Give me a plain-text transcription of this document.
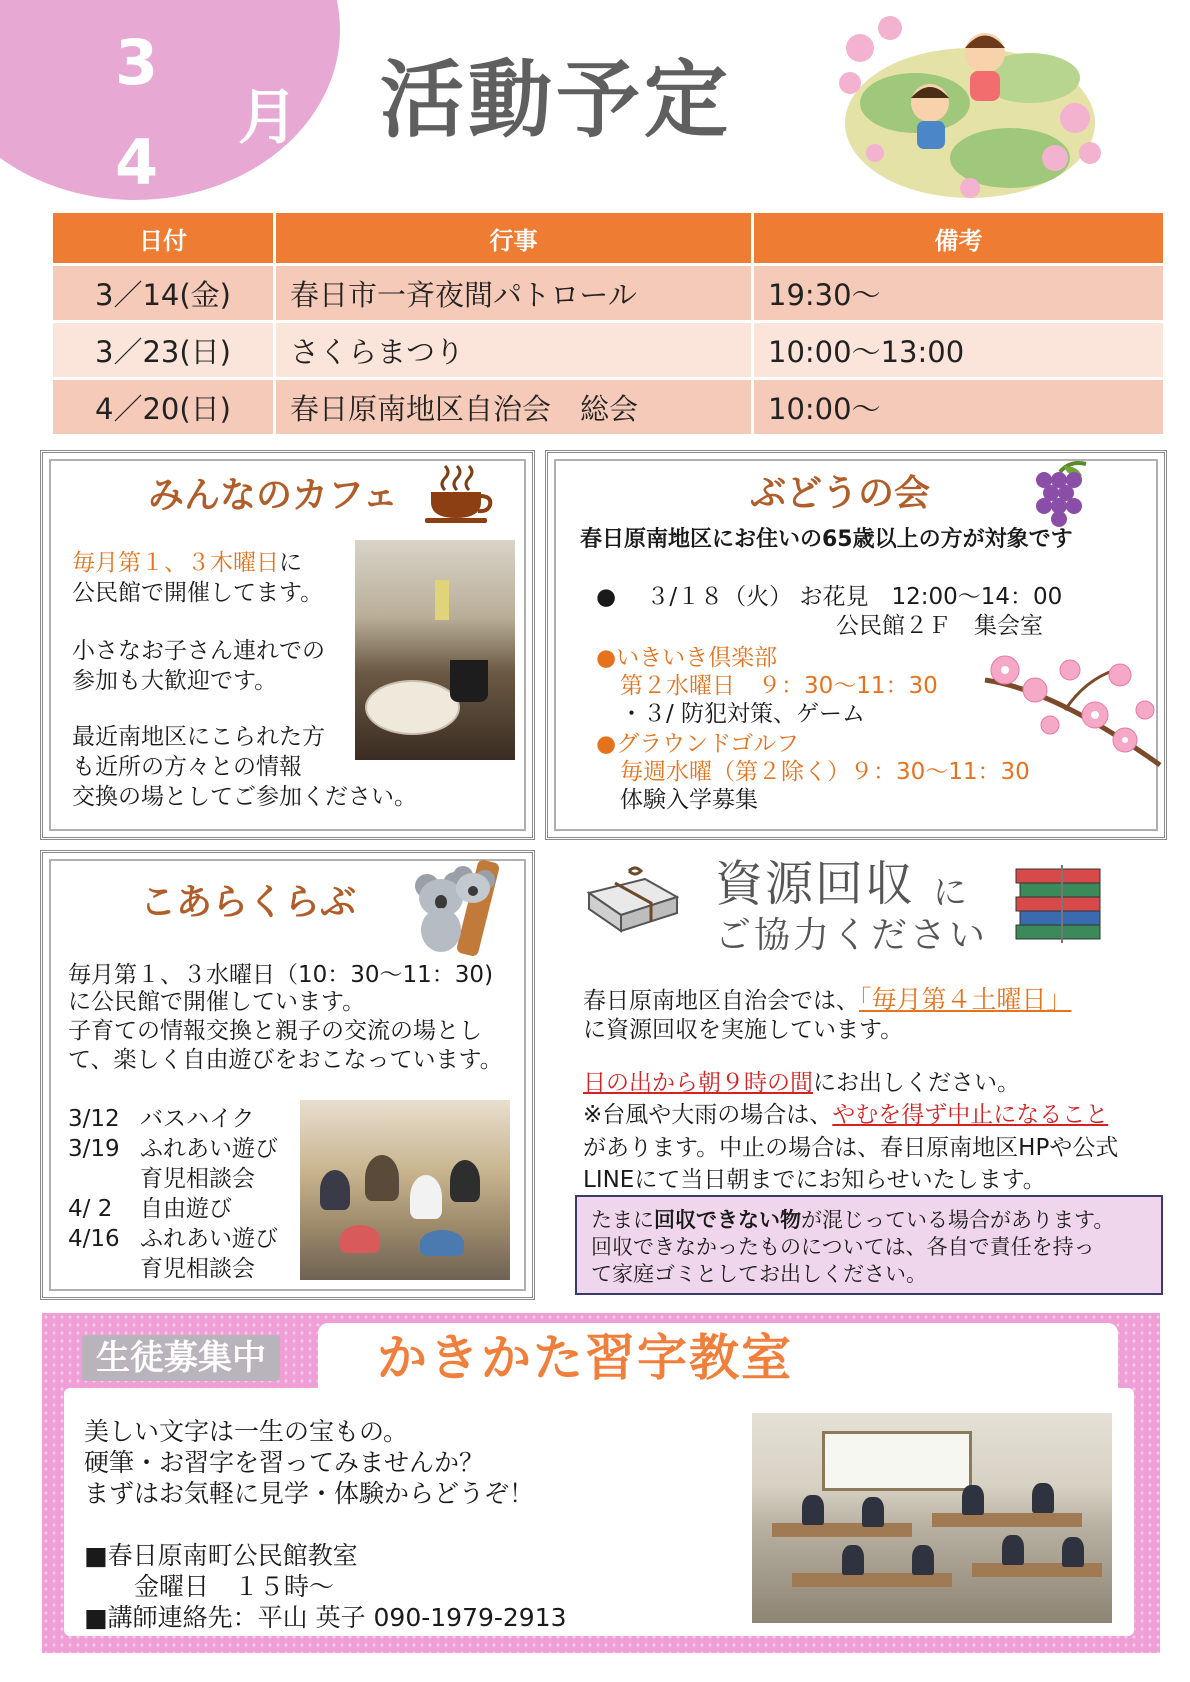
3
4
月 活動予定
日付	行事	備考
3／14(金)	春日市一斉夜間パトロール	19:30～
3／23(日)	さくらまつり	10:00～13:00
4／20(日)	春日原南地区自治会　総会	10:00～
みんなのカフェ
毎月第１、３木曜日に
公民館で開催してます。
小さなお子さん連れでの
参加も大歓迎です。
最近南地区にこられた方
も近所の方々との情報
交換の場としてご参加ください。
ぶどうの会
春日原南地区にお住いの65歳以上の方が対象です
●　 ３/１８（火） お花見　12:00～14：00
公民館２Ｆ　集会室
●いきいき倶楽部
第２水曜日　９：30～11：30
・３/ 防犯対策、ゲーム
●グラウンドゴルフ
毎週水曜（第２除く）９：30～11：30
体験入学募集
こあらくらぶ
毎月第１、３水曜日（10：30～11：30)
に公民館で開催しています。
子育ての情報交換と親子の交流の場とし
て、楽しく自由遊びをおこなっています。
3/12 バスハイク
3/19 ふれあい遊び
育児相談会
4/ 2 自由遊び
4/16 ふれあい遊び
育児相談会
資源回収 に
ご協力ください
春日原南地区自治会では、「毎月第４土曜日」
に資源回収を実施しています。
日の出から朝９時の間にお出しください。
※台風や大雨の場合は、やむを得ず中止になること
があります。中止の場合は、春日原南地区HPや公式
LINEにて当日朝までにお知らせいたします。
たまに回収できない物が混じっている場合があります。
回収できなかったものについては、各自で責任を持っ
て家庭ゴミとしてお出しください。
生徒募集中 かきかた習字教室
美しい文字は一生の宝もの。
硬筆・お習字を習ってみませんか？
まずはお気軽に見学・体験からどうぞ！
■春日原南町公民館教室
　　金曜日　１５時～
■講師連絡先：平山 英子 090-1979-2913
